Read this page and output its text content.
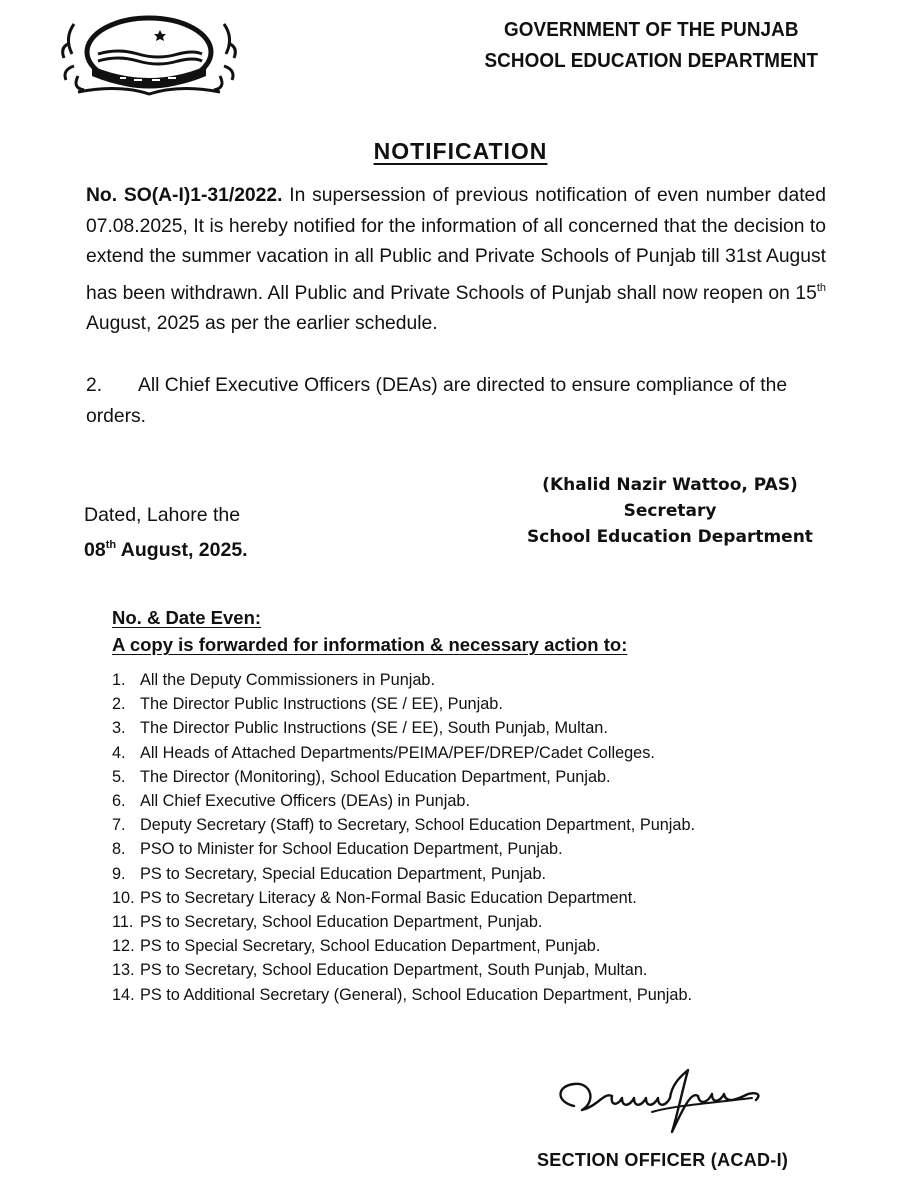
GOVERNMENT OF THE PUNJAB
SCHOOL EDUCATION DEPARTMENT
NOTIFICATION
No. SO(A-I)1-31/2022. In supersession of previous notification of even number dated 07.08.2025, It is hereby notified for the information of all concerned that the decision to extend the summer vacation in all Public and Private Schools of Punjab till 31st August has been withdrawn. All Public and Private Schools of Punjab shall now reopen on 15th August, 2025 as per the earlier schedule.
2. All Chief Executive Officers (DEAs) are directed to ensure compliance of the orders.
Dated, Lahore the
08th August, 2025.
(Khalid Nazir Wattoo, PAS)
Secretary
School Education Department
No. & Date Even:
A copy is forwarded for information & necessary action to:
1. All the Deputy Commissioners in Punjab.
2. The Director Public Instructions (SE / EE), Punjab.
3. The Director Public Instructions (SE / EE), South Punjab, Multan.
4. All Heads of Attached Departments/PEIMA/PEF/DREP/Cadet Colleges.
5. The Director (Monitoring), School Education Department, Punjab.
6. All Chief Executive Officers (DEAs) in Punjab.
7. Deputy Secretary (Staff) to Secretary, School Education Department, Punjab.
8. PSO to Minister for School Education Department, Punjab.
9. PS to Secretary, Special Education Department, Punjab.
10. PS to Secretary Literacy & Non-Formal Basic Education Department.
11. PS to Secretary, School Education Department, Punjab.
12. PS to Special Secretary, School Education Department, Punjab.
13. PS to Secretary, School Education Department, South Punjab, Multan.
14. PS to Additional Secretary (General), School Education Department, Punjab.
SECTION OFFICER (ACAD-I)
